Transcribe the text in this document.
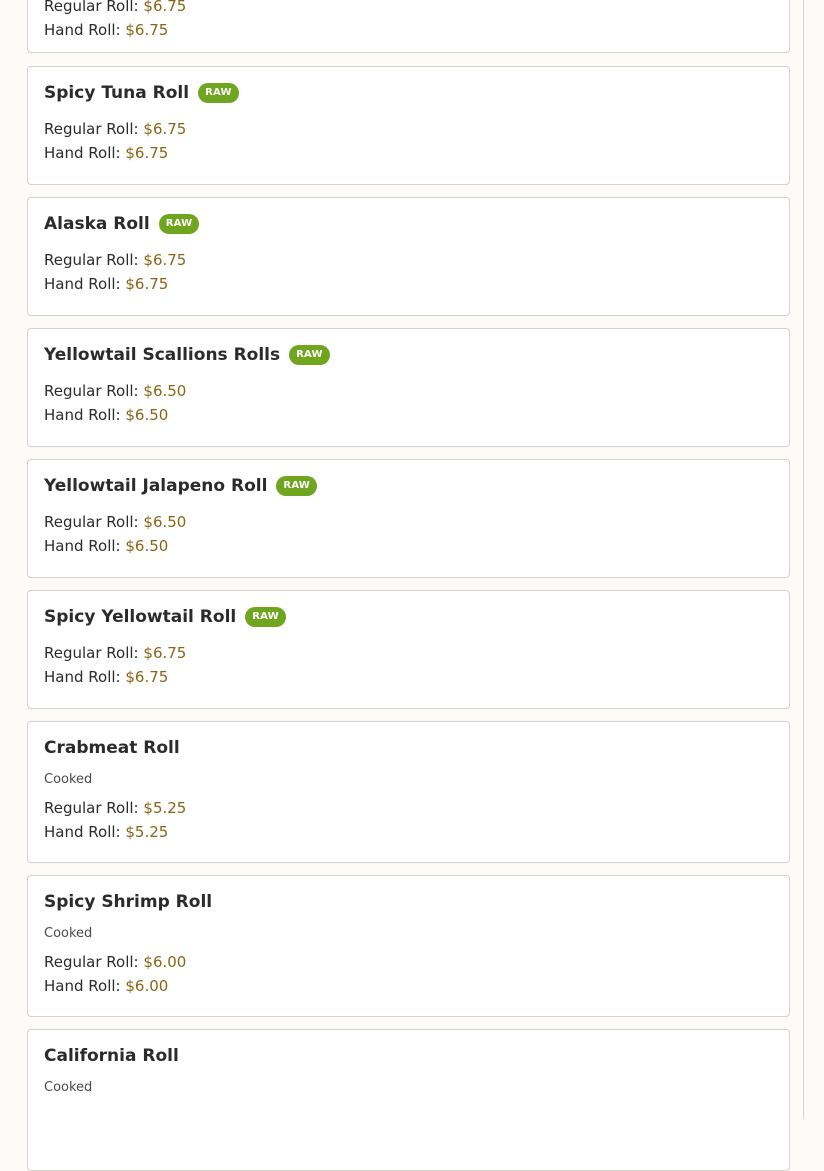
Regular Roll: $6.75
Hand Roll: $6.75
Spicy Tuna Roll	RAW
Regular Roll: $6.75
Hand Roll: $6.75
Alaska Roll	RAW
Regular Roll: $6.75
Hand Roll: $6.75
Yellowtail Scallions Rolls	RAW
Regular Roll: $6.50
Hand Roll: $6.50
Yellowtail Jalapeno Roll	RAW
Regular Roll: $6.50
Hand Roll: $6.50
Spicy Yellowtail Roll	RAW
Regular Roll: $6.75
Hand Roll: $6.75
Crabmeat Roll
Cooked
Regular Roll: $5.25
Hand Roll: $5.25
Spicy Shrimp Roll
Cooked
Regular Roll: $6.00
Hand Roll: $6.00
California Roll
Cooked
